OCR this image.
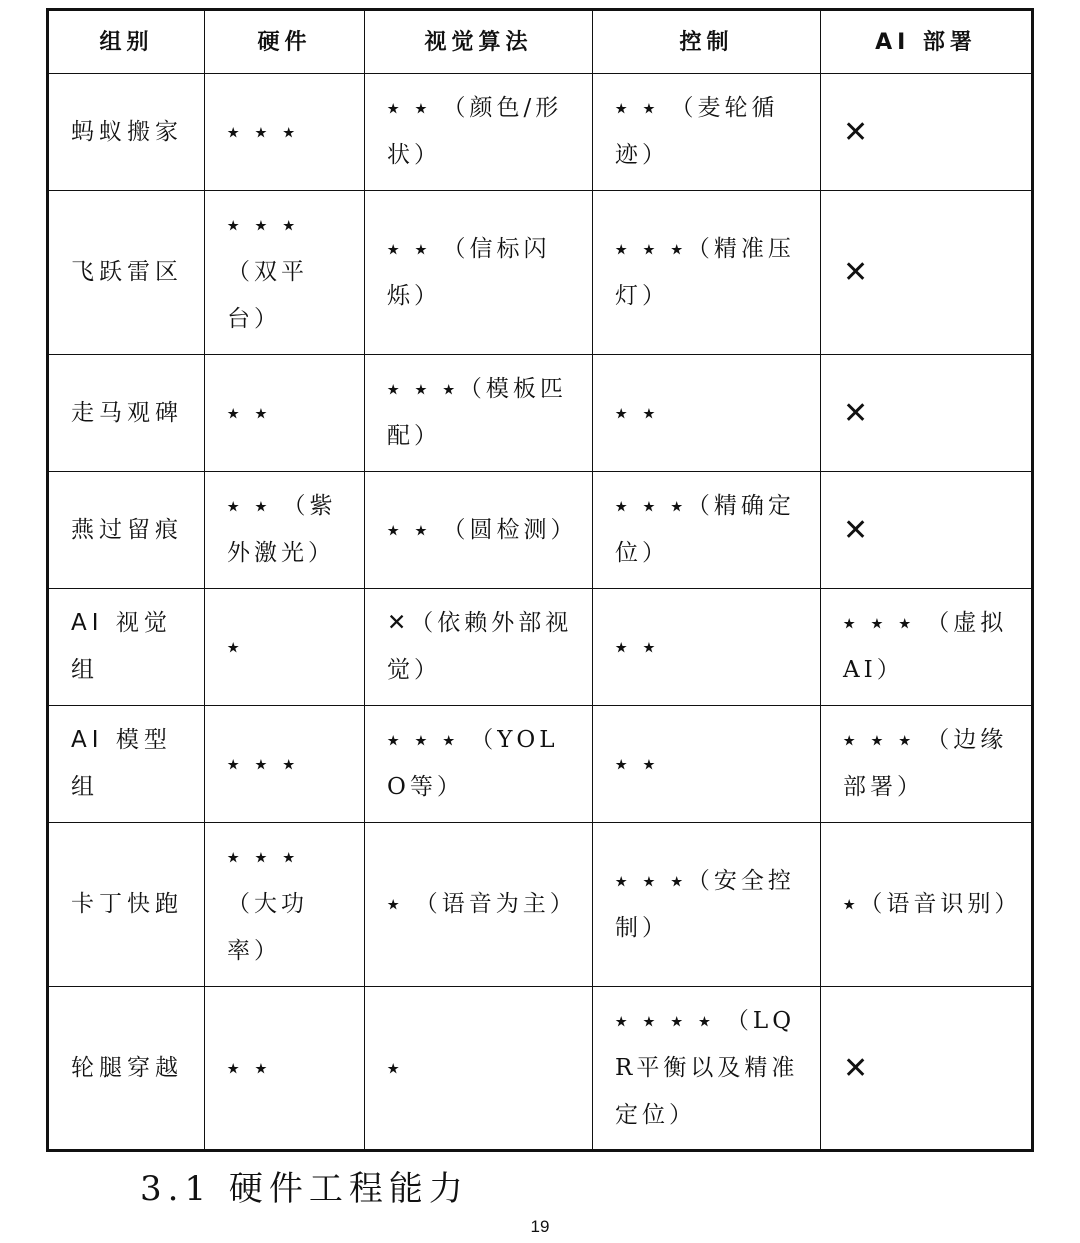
组别	硬件	视觉算法	控制	AI 部署
蚂蚁搬家	⭑ ⭑ ⭑	⭑ ⭑ （颜色/形状）	⭑ ⭑ （麦轮循迹）	✕
飞跃雷区	⭑ ⭑ ⭑ （双平台）	⭑ ⭑ （信标闪烁）	⭑ ⭑ ⭑（精准压灯）	✕
走马观碑	⭑ ⭑	⭑ ⭑ ⭑（模板匹配）	⭑ ⭑	✕
燕过留痕	⭑ ⭑ （紫外激光）	⭑ ⭑ （圆检测）	⭑ ⭑ ⭑（精确定位）	✕
AI 视觉组	⭑	✕（依赖外部视觉）	⭑ ⭑	⭑ ⭑ ⭑ （虚拟AI）
AI 模型组	⭑ ⭑ ⭑	⭑ ⭑ ⭑ （YOLO等）	⭑ ⭑	⭑ ⭑ ⭑ （边缘部署）
卡丁快跑	⭑ ⭑ ⭑ （大功率）	⭑ （语音为主）	⭑ ⭑ ⭑（安全控制）	⭑（语音识别）
轮腿穿越	⭑ ⭑	⭑	⭑ ⭑ ⭑ ⭑ （LQR平衡以及精准定位）	✕
3.1 硬件工程能力
19
